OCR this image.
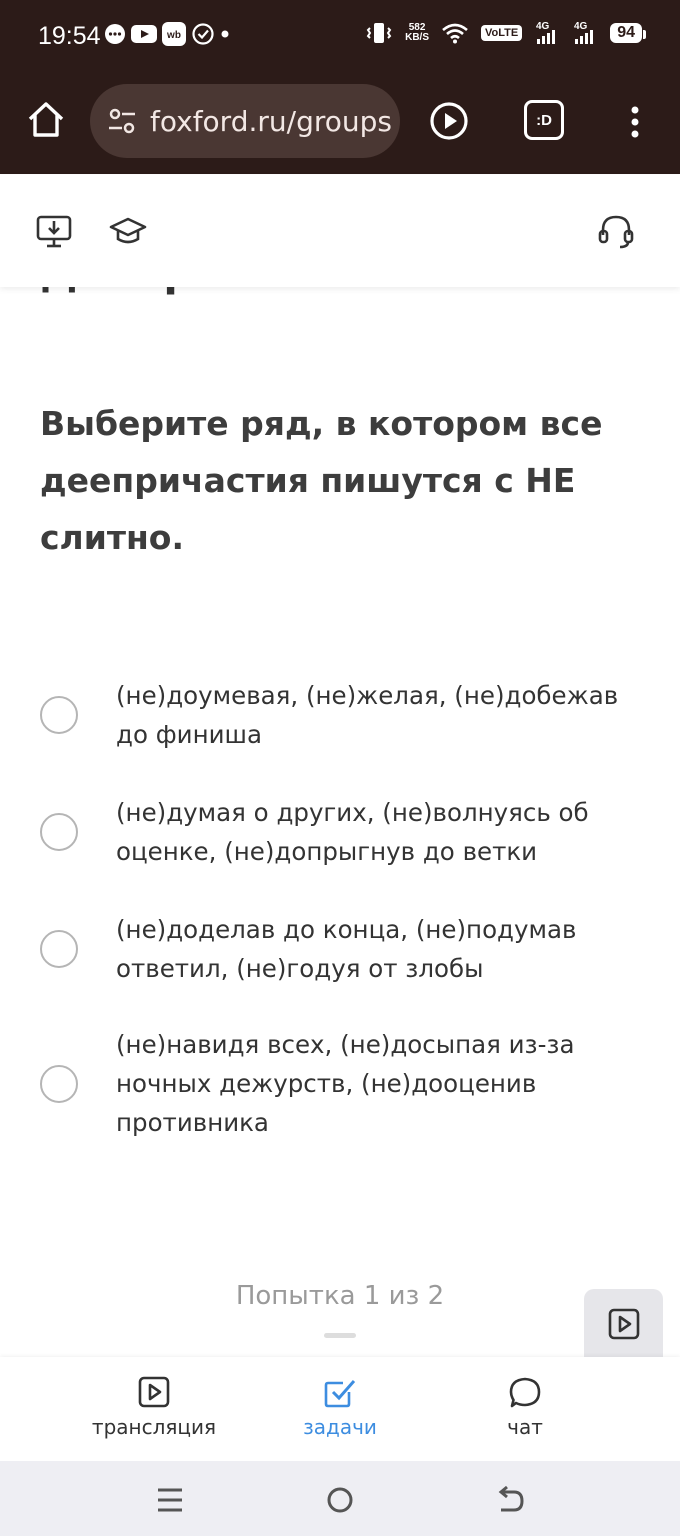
19:54	wb
582
KB/S	VoLTE
4G 4G	94
foxford.ru/groups	:D
Выберите ряд, в котором все деепричастия пишутся с НЕ слитно.
(не)доумевая, (не)желая, (не)добежав до финиша
(не)думая о других, (не)волнуясь об оценке, (не)допрыгнув до ветки
(не)доделав до конца, (не)подумав ответил, (не)годуя от злобы
(не)навидя всех, (не)досыпая из-за ночных дежурств, (не)дооценив противника
Попытка 1 из 2
трансляция	задачи	чат
